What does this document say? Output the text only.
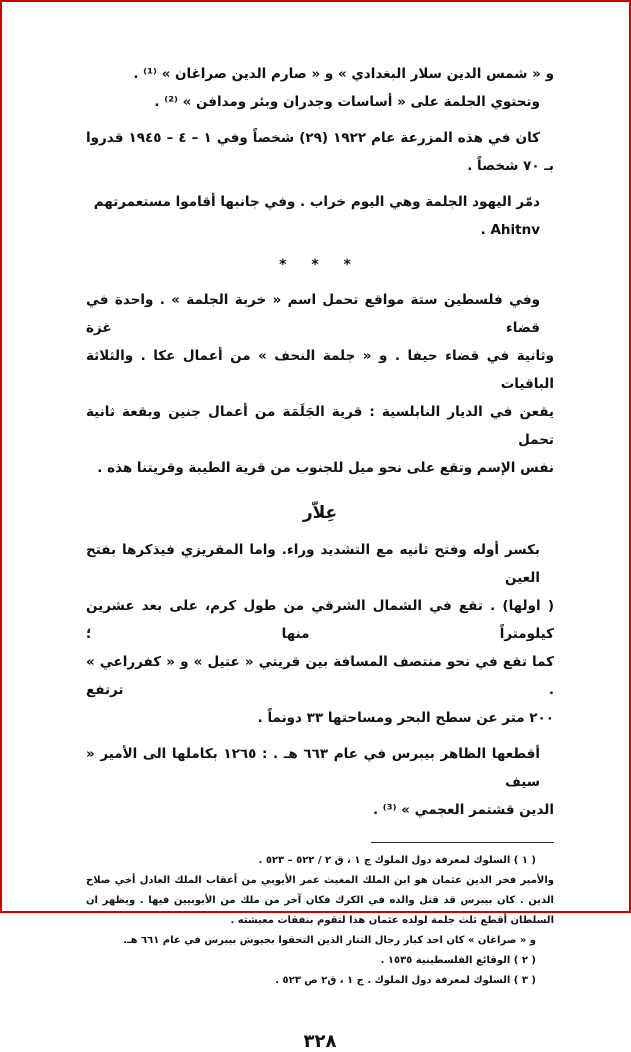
و « شمس الدين سلار البغدادي » و « صارم الدين صراغان » ⁽¹⁾ .
وتحتوي الجلمة على « أساسات وجدران وبئر ومدافن » ⁽²⁾ .
كان في هذه المزرعة عام ١٩٢٢ (٢٩) شخصاً وفي ١ – ٤ – ١٩٤٥ قدروا
بـ ٧٠ شخصاً .
دمّر اليهود الجلمة وهي اليوم خراب . وفي جانبها أقاموا مستعمرتهم Ahitnv .
* * *
وفي فلسطين ستة مواقع تحمل اسم « خربة الجلمة » . واحدة في قضاء غزة
وثانية في قضاء حيفا . و « جلمة النحف » من أعمال عكا . والثلاثة الباقيات
يقعن في الديار النابلسية : قرية الجَلَمَة من أعمال جنين وبقعة ثانية تحمل
نفس الإسم وتقع على نحو ميل للجنوب من قرية الطيبة وقريتنا هذه .
عِلاّر
بكسر أوله وفتح ثانيه مع التشديد وراء. واما المقريزي فيذكرها بفتح العين
( اولها) . تقع في الشمال الشرقي من طول كرم، على بعد عشرين كيلومتراً منها ؛
كما تقع في نحو منتصف المسافة بين قريتي « عتيل » و « كفرراعي » . ترتفع
٢٠٠ متر عن سطح البحر ومساحتها ٣٣ دونماً .
أقطعها الظاهر بيبرس في عام ٦٦٣ هـ . : ١٢٦٥ بكاملها الى الأمير « سيف
الدين قشتمر العجمي » ⁽³⁾ .
( ١ ) السلوك لمعرفة دول الملوك ج ١ ، ق ٢ / ٥٢٢ – ٥٢٣ .
والأمير فخر الدين عثمان هو ابن الملك المغيث عمر الأيوبي من أعقاب الملك العادل أخي صلاح
الدين . كان بيبرس قد قتل والده في الكرك فكان آخر من ملك من الأيوبيين فيها . ويظهر ان
السلطان أقطع ثلث جلمة لولده عثمان هذا لتقوم بنفقات معيشته .
و « صراغان » كان احد كبار رجال التتار الذين التحقوا بجيوش بيبرس في عام ٦٦١ هـ.
( ٢ ) الوقائع الفلسطينية ١٥٣٥ .
( ٣ ) السلوك لمعرفة دول الملوك . ج ١ ، ق٢ ص ٥٢٣ .
٣٢٨
